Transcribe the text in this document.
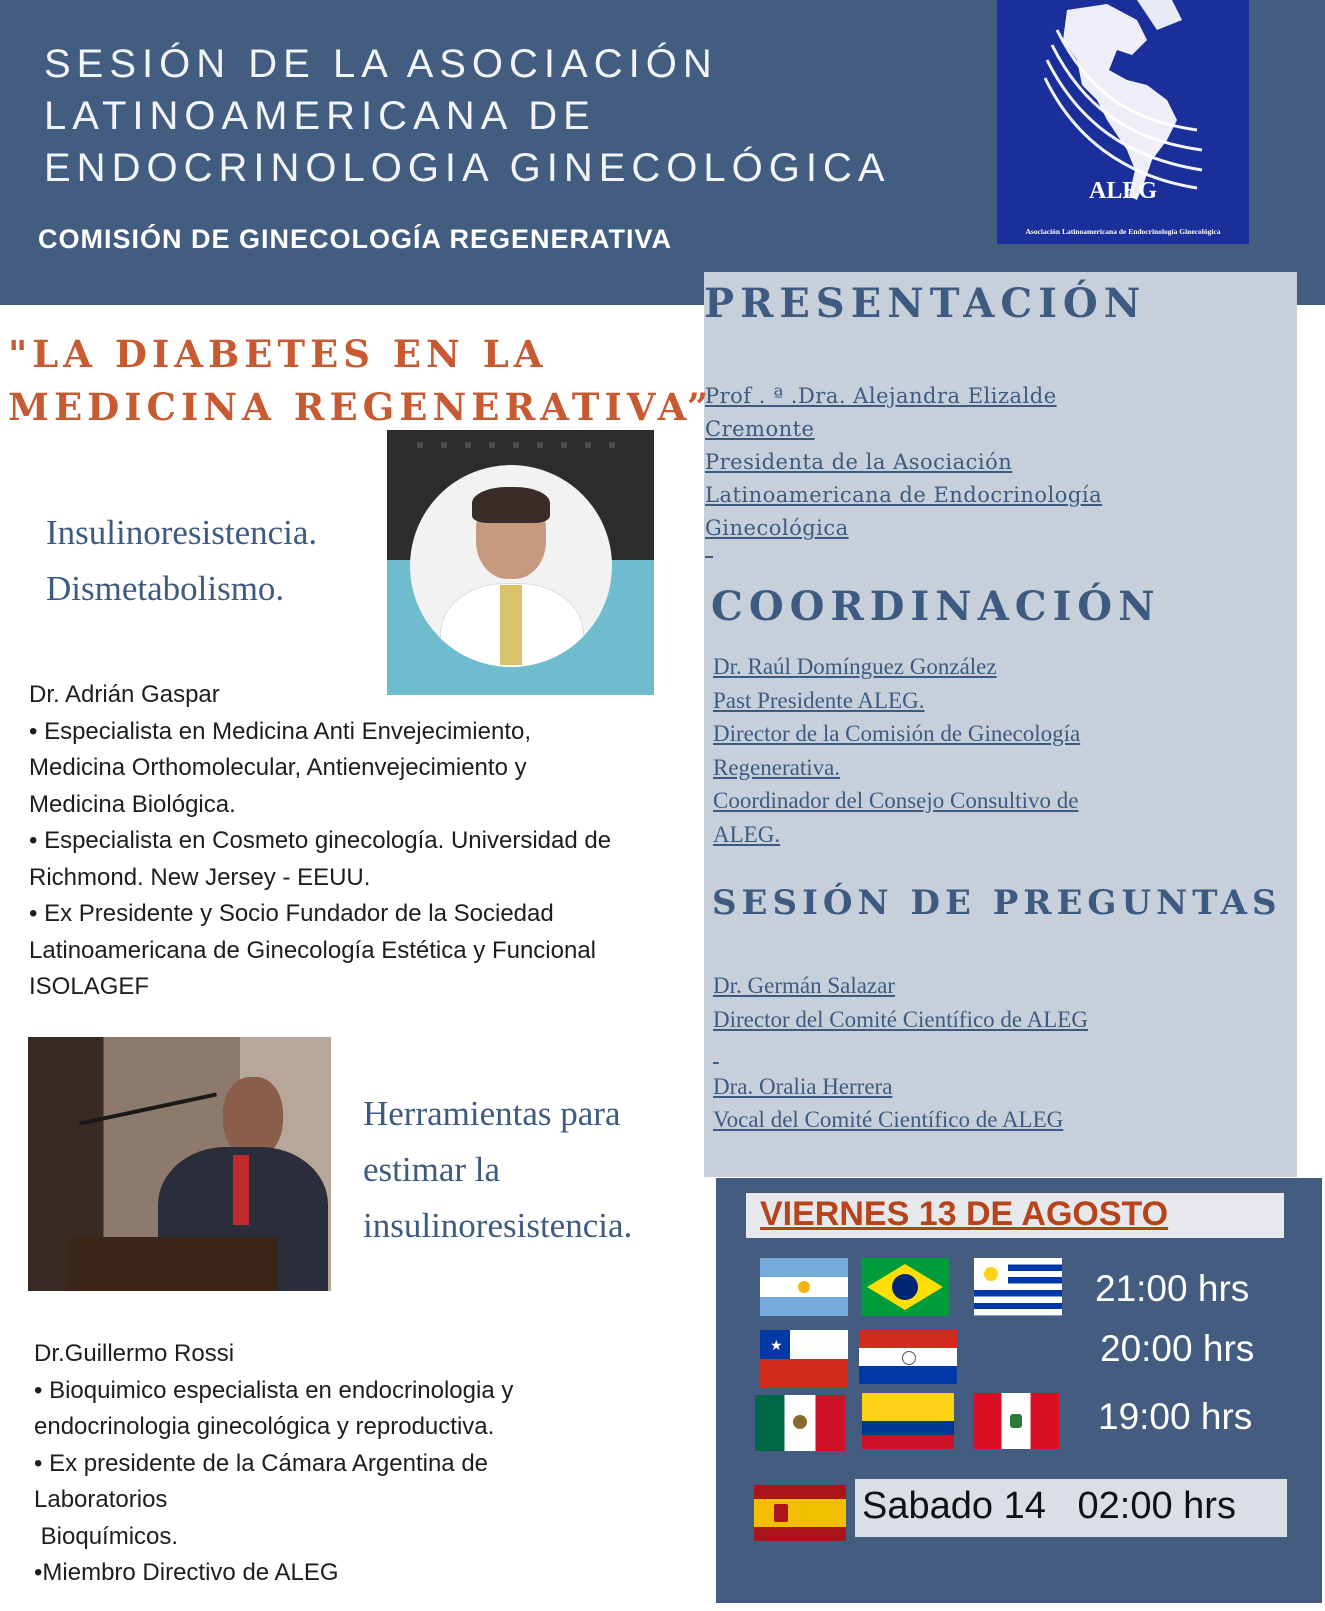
SESIÓN DE LA ASOCIACIÓN
LATINOAMERICANA DE
ENDOCRINOLOGIA GINECOLÓGICA
COMISIÓN DE GINECOLOGÍA REGENERATIVA
ALEG
Asociación Latinoamericana de Endocrinología Ginecológica
PRESENTACIÓN
Prof . ª .Dra. Alejandra Elizalde
Cremonte
Presidenta de la Asociación
Latinoamericana de Endocrinología
Ginecológica
COORDINACIÓN
Dr. Raúl Domínguez González
Past Presidente ALEG.
Director de la Comisión de Ginecología
Regenerativa.
Coordinador del Consejo Consultivo de
ALEG.
SESIÓN DE PREGUNTAS
Dr. Germán Salazar
Director del Comité Científico de ALEG

Dra. Oralia Herrera
Vocal del Comité Científico de ALEG
VIERNES 13 DE AGOSTO
21:00 hrs
★	20:00 hrs
19:00 hrs
Sabado 14   02:00 hrs
"LA DIABETES EN LA
MEDICINA REGENERATIVA”
Insulinoresistencia.
Dismetabolismo.
Dr. Adrián Gaspar
• Especialista en Medicina Anti Envejecimiento,
Medicina Orthomolecular, Antienvejecimiento y
Medicina Biológica.
• Especialista en Cosmeto ginecología. Universidad de
Richmond. New Jersey - EEUU.
• Ex Presidente y Socio Fundador de la Sociedad
Latinoamericana de Ginecología Estética y Funcional
ISOLAGEF
Herramientas para
estimar la
insulinoresistencia.
Dr.Guillermo Rossi
• Bioquimico especialista en endocrinologia y
endocrinologia ginecológica y reproductiva.
• Ex presidente de la Cámara Argentina de
Laboratorios
Bioquímicos.
•Miembro Directivo de ALEG
